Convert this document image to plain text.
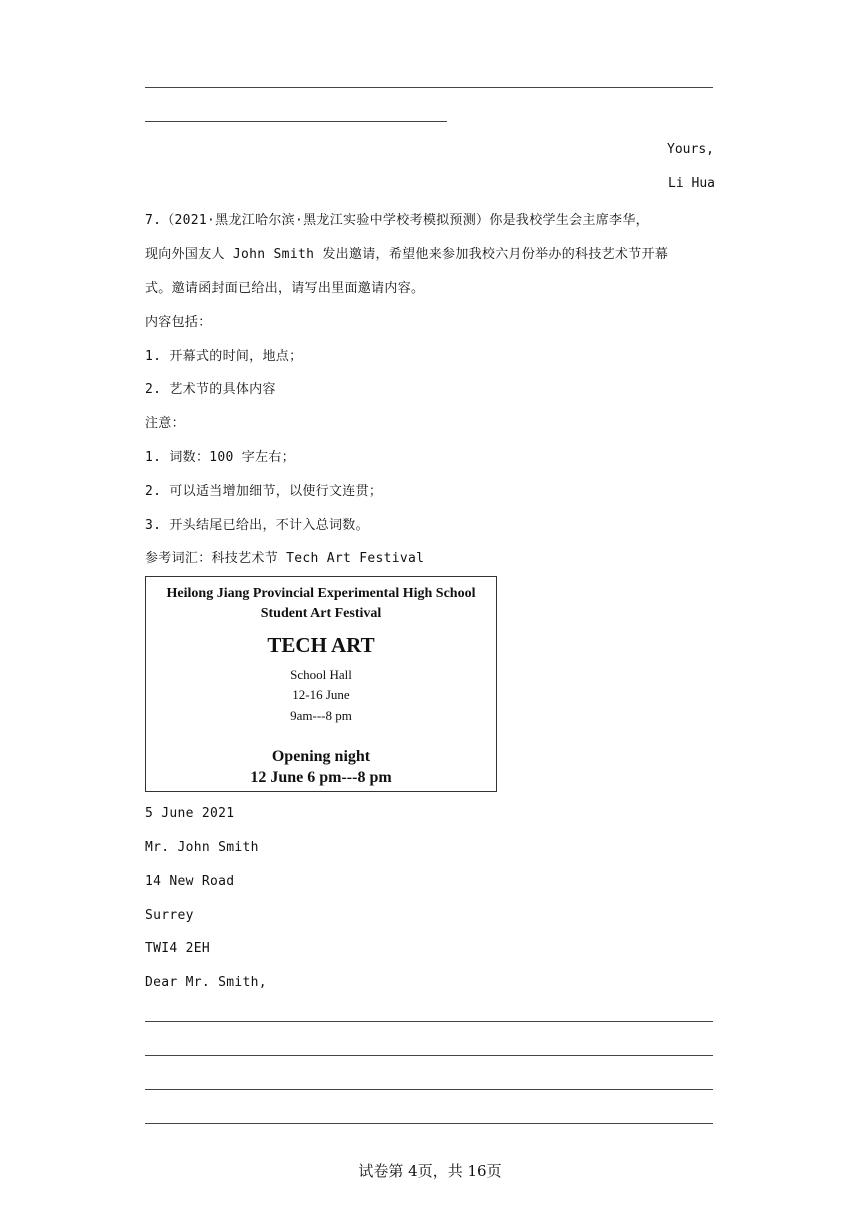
Yours,
Li Hua
7.（2021·黑龙江哈尔滨·黑龙江实验中学校考模拟预测）你是我校学生会主席李华，
现向外国友人 John Smith 发出邀请，希望他来参加我校六月份举办的科技艺术节开幕
式。邀请函封面已给出，请写出里面邀请内容。
内容包括：
1. 开幕式的时间，地点；
2. 艺术节的具体内容
注意：
1. 词数：100 字左右；
2. 可以适当增加细节，以使行文连贯；
3. 开头结尾已给出，不计入总词数。
参考词汇：科技艺术节 Tech Art Festival
Heilong Jiang Provincial Experimental High School
Student Art Festival
TECH ART
School Hall
12-16 June
9am---8 pm
Opening night
12 June 6 pm---8 pm
5 June 2021
Mr. John Smith
14 New Road
Surrey
TWI4 2EH
Dear Mr. Smith,
试卷第 4页，共 16页
